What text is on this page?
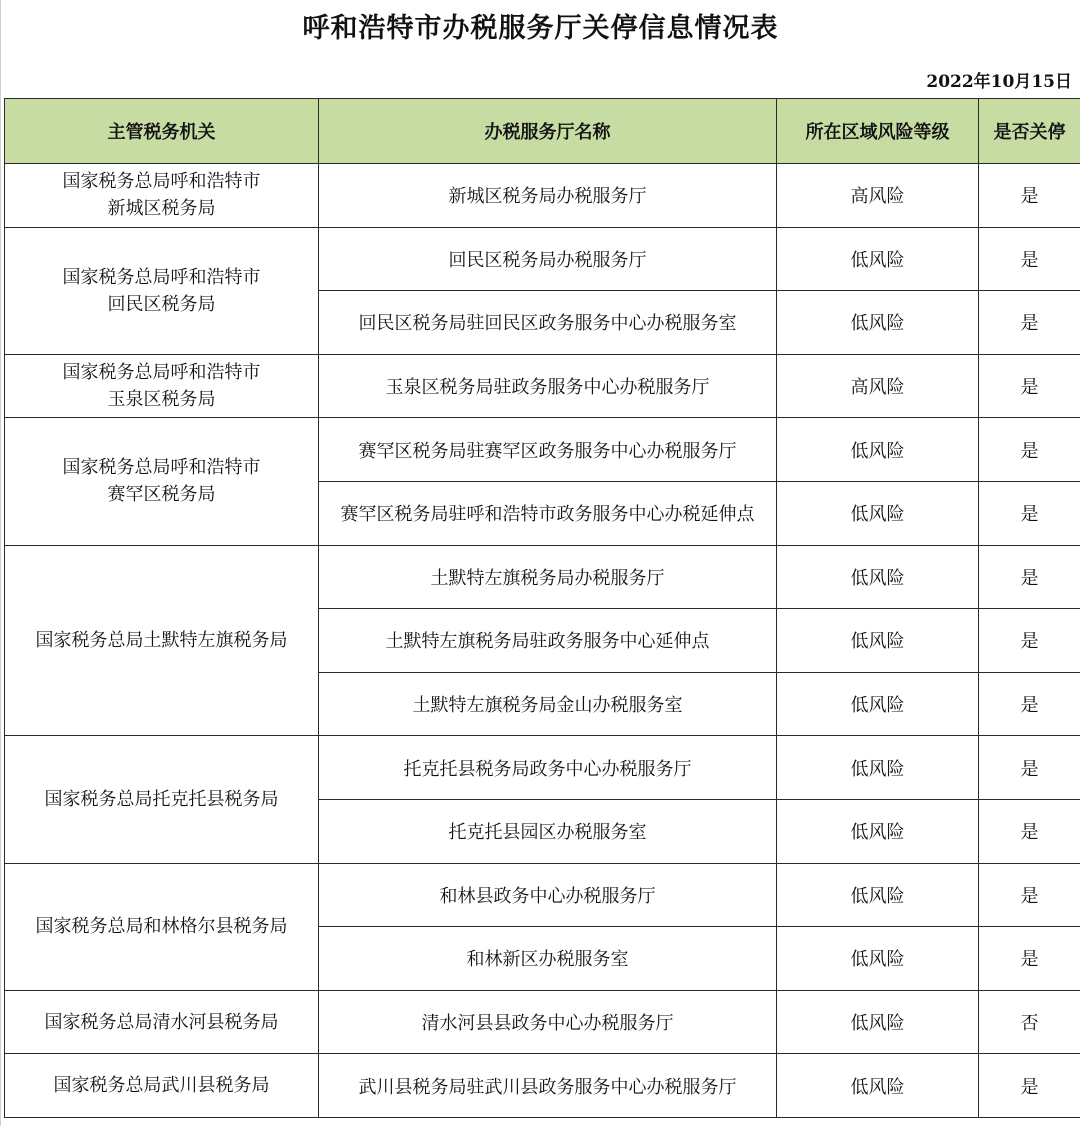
呼和浩特市办税服务厅关停信息情况表
2022年10月15日
主管税务机关	办税服务厅名称	所在区域风险等级	是否关停

国家税务总局呼和浩特市
新城区税务局	新城区税务局办税服务厅	高风险	是

国家税务总局呼和浩特市
回民区税务局	回民区税务局办税服务厅	低风险	是
	回民区税务局驻回民区政务服务中心办税服务室	低风险	是

国家税务总局呼和浩特市
玉泉区税务局	玉泉区税务局驻政务服务中心办税服务厅	高风险	是

国家税务总局呼和浩特市
赛罕区税务局	赛罕区税务局驻赛罕区政务服务中心办税服务厅	低风险	是
	赛罕区税务局驻呼和浩特市政务服务中心办税延伸点	低风险	是

国家税务总局土默特左旗税务局	土默特左旗税务局办税服务厅	低风险	是
	土默特左旗税务局驻政务服务中心延伸点	低风险	是
	土默特左旗税务局金山办税服务室	低风险	是

国家税务总局托克托县税务局	托克托县税务局政务中心办税服务厅	低风险	是
	托克托县园区办税服务室	低风险	是

国家税务总局和林格尔县税务局	和林县政务中心办税服务厅	低风险	是
	和林新区办税服务室	低风险	是

国家税务总局清水河县税务局	清水河县县政务中心办税服务厅	低风险	否

国家税务总局武川县税务局	武川县税务局驻武川县政务服务中心办税服务厅	低风险	是
